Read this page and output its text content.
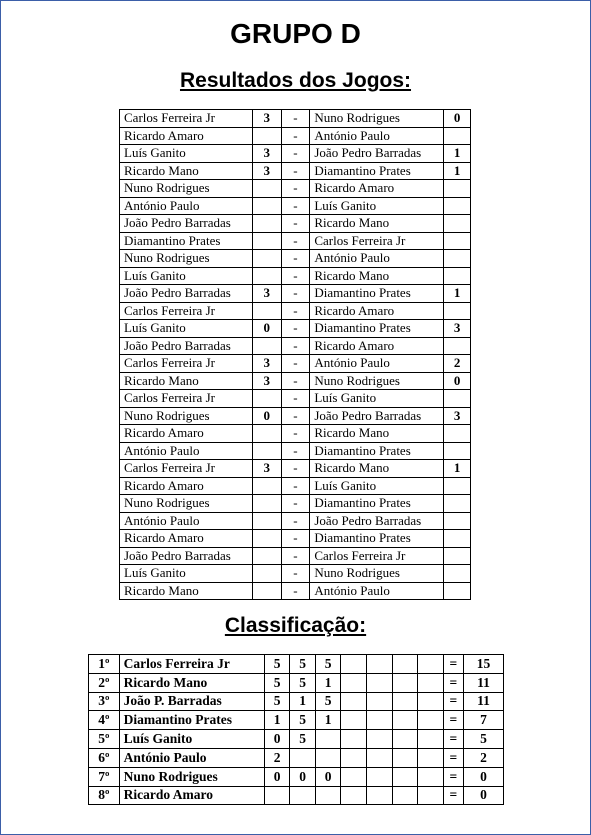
GRUPO D
Resultados dos Jogos:
Carlos Ferreira Jr	3	-	Nuno Rodrigues	0
Ricardo Amaro		-	António Paulo	
Luís Ganito	3	-	João Pedro Barradas	1
Ricardo Mano	3	-	Diamantino Prates	1
Nuno Rodrigues		-	Ricardo Amaro	
António Paulo		-	Luís Ganito	
João Pedro Barradas		-	Ricardo Mano	
Diamantino Prates		-	Carlos Ferreira Jr	
Nuno Rodrigues		-	António Paulo	
Luís Ganito		-	Ricardo Mano	
João Pedro Barradas	3	-	Diamantino Prates	1
Carlos Ferreira Jr		-	Ricardo Amaro	
Luís Ganito	0	-	Diamantino Prates	3
João Pedro Barradas		-	Ricardo Amaro	
Carlos Ferreira Jr	3	-	António Paulo	2
Ricardo Mano	3	-	Nuno Rodrigues	0
Carlos Ferreira Jr		-	Luís Ganito	
Nuno Rodrigues	0	-	João Pedro Barradas	3
Ricardo Amaro		-	Ricardo Mano	
António Paulo		-	Diamantino Prates	
Carlos Ferreira Jr	3	-	Ricardo Mano	1
Ricardo Amaro		-	Luís Ganito	
Nuno Rodrigues		-	Diamantino Prates	
António Paulo		-	João Pedro Barradas	
Ricardo Amaro		-	Diamantino Prates	
João Pedro Barradas		-	Carlos Ferreira Jr	
Luís Ganito		-	Nuno Rodrigues	
Ricardo Mano		-	António Paulo	
Classificação:
1º	Carlos Ferreira Jr	5	5	5					=	15
2º	Ricardo Mano	5	5	1					=	11
3º	João P. Barradas	5	1	5					=	11
4º	Diamantino Prates	1	5	1					=	7
5º	Luís Ganito	0	5						=	5
6º	António Paulo	2							=	2
7º	Nuno Rodrigues	0	0	0					=	0
8º	Ricardo Amaro								=	0
